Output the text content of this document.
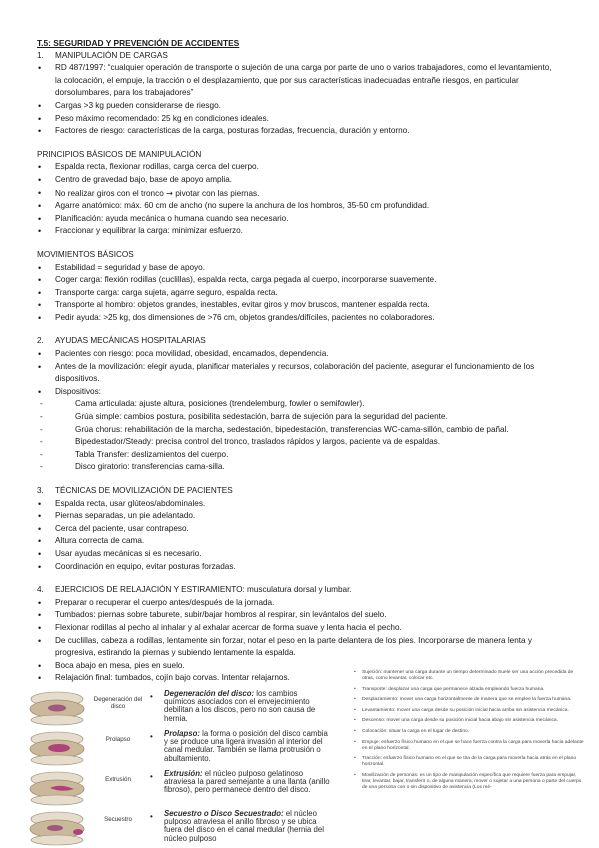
T.5: SEGURIDAD Y PREVENCIÓN DE ACCIDENTES
1. MANIPULACIÓN DE CARGAS
• RD 487/1997: “cualquier operación de transporte o sujeción de una carga por parte de uno o varios trabajadores, como el levantamiento, la colocación, el empuje, la tracción o el desplazamiento, que por sus características inadecuadas entrañe riesgos, en particular dorsolumbares, para los trabajadores”
• Cargas >3 kg pueden considerarse de riesgo.
• Peso máximo recomendado: 25 kg en condiciones ideales.
• Factores de riesgo: características de la carga, posturas forzadas, frecuencia, duración y entorno.
PRINCIPIOS BÁSICOS DE MANIPULACIÓN
• Espalda recta, flexionar rodillas, carga cerca del cuerpo.
• Centro de gravedad bajo, base de apoyo amplia.
• No realizar giros con el tronco → pivotar con las piernas.
• Agarre anatómico: máx. 60 cm de ancho (no supere la anchura de los hombros, 35-50 cm profundidad.
• Planificación: ayuda mecánica o humana cuando sea necesario.
• Fraccionar y equilibrar la carga: minimizar esfuerzo.
MOVIMIENTOS BÁSICOS
• Estabilidad = seguridad y base de apoyo.
• Coger carga: flexión rodillas (cuclillas), espalda recta, carga pegada al cuerpo, incorporarse suavemente.
• Transporte carga: carga sujeta, agarre seguro, espalda recta.
• Transporte al hombro: objetos grandes, inestables, evitar giros y mov bruscos, mantener espalda recta.
• Pedir ayuda: >25 kg, dos dimensiones de >76 cm, objetos grandes/difíciles, pacientes no colaboradores.
2. AYUDAS MECÁNICAS HOSPITALARIAS
• Pacientes con riesgo: poca movilidad, obesidad, encamados, dependencia.
• Antes de la movilización: elegir ayuda, planificar materiales y recursos, colaboración del paciente, asegurar el funcionamiento de los dispositivos.
• Dispositivos:
- Cama articulada: ajuste altura, posiciones (trendelemburg, fowler o semifowler).
- Grúa simple: cambios postura, posibilita sedestación, barra de sujeción para la seguridad del paciente.
- Grúa chorus: rehabilitación de la marcha, sedestación, bipedestación, transferencias WC-cama-sillón, cambio de pañal.
- Bipedestador/Steady: precisa control del tronco, traslados rápidos y largos, paciente va de espaldas.
- Tabla Transfer: deslizamientos del cuerpo.
- Disco giratorio: transferencias cama-silla.
3. TÉCNICAS DE MOVILIZACIÓN DE PACIENTES
• Espalda recta, usar glúteos/abdominales.
• Piernas separadas, un pie adelantado.
• Cerca del paciente, usar contrapeso.
• Altura correcta de cama.
• Usar ayudas mecánicas si es necesario.
• Coordinación en equipo, evitar posturas forzadas.
4. EJERCICIOS DE RELAJACIÓN Y ESTIRAMIENTO: musculatura dorsal y lumbar.
• Preparar o recuperar el cuerpo antes/después de la jornada.
• Tumbados: piernas sobre taburete, subir/bajar hombros al respirar, sin levántalos del suelo.
• Flexionar rodillas al pecho al inhalar y al exhalar acercar de forma suave y lenta hacia el pecho.
• De cuclillas, cabeza a rodillas, lentamente sin forzar, notar el peso en la parte delantera de los pies. Incorporarse de manera lenta y progresiva, estirando la piernas y subiendo lentamente la espalda.
• Boca abajo en mesa, pies en suelo.
• Relajación final: tumbados, cojín bajo corvas. Intentar relajarnos.
Degeneración del disco
• Degeneración del disco: los cambios químicos asociados con el envejecimiento debilitan a los discos, pero no son causa de hernia.
Prolapso	• Prolapso: la forma o posición del disco cambia y se produce una ligera invasión al interior del canal medular. También se llama protrusión o abultamiento.
Extrusión	• Extrusión: el núcleo pulposo gelatinoso atraviesa la pared semejante a una llanta (anillo fibroso), pero permanece dentro del disco.
Secuestro	• Secuestro o Disco Secuestrado: el núcleo pulposo atraviesa el anillo fibroso y se ubica fuera del disco en el canal medular (hernia del núcleo pulposo
• Sujeción: mantener una carga durante un tiempo determinado Suele ser una acción precedida de otras, como levantar, colocar etc.
• Transporte: desplazar una carga que permanece alzada empleando fuerza humana.
• Desplazamiento: mover una carga horizontalmente de manera que se emplee la fuerza humana.
• Levantamiento: mover una carga desde su posición inicial hacia arriba sin asistencia mecánica.
• Descenso: mover una carga desde su posición inicial hacia abajo sin asistencia mecánica.
• Colocación: situar la carga en el lugar de destino.
• Empuje: esfuerzo físico humano en el que se hace fuerza contra la carga para moverla hacia adelante en el plano horizontal.
• Tracción: esfuerzo físico humano en el que se tira de la carga para moverla hacia atrás en el plano horizontal.
• Movilización de personas: es un tipo de manipulación específica que requiere fuerza para empujar, tirar, levantar, bajar, transferir o, de alguna manera, mover o sujetar a una persona o parte del cuerpo de una persona con o sin dispositivo de asistencia (Los mé-
